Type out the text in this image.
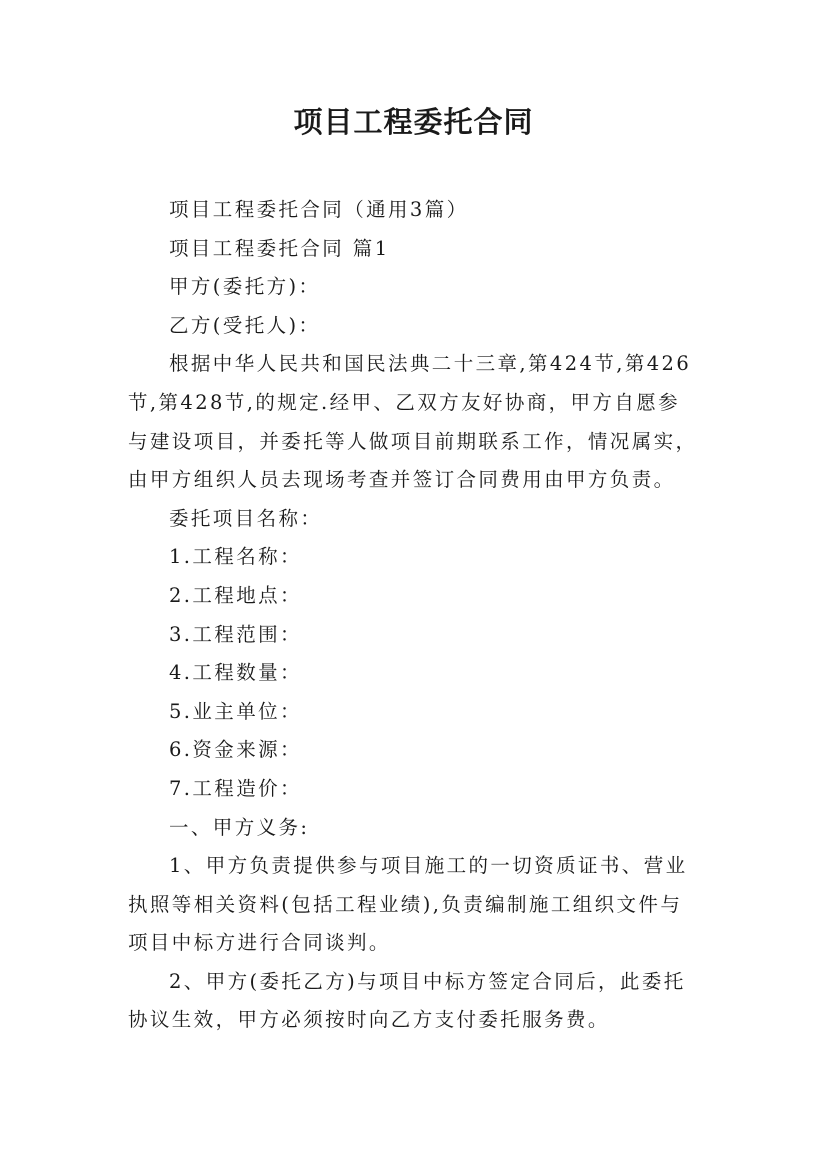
项目工程委托合同
项目工程委托合同（通用3篇）
项目工程委托合同 篇1
甲方(委托方)：
乙方(受托人)：
根据中华人民共和国民法典二十三章,第424节,第426
节,第428节,的规定.经甲、乙双方友好协商，甲方自愿参
与建设项目，并委托等人做项目前期联系工作，情况属实，
由甲方组织人员去现场考查并签订合同费用由甲方负责。
委托项目名称：
1.工程名称：
2.工程地点：
3.工程范围：
4.工程数量：
5.业主单位：
6.资金来源：
7.工程造价：
一、甲方义务:
1、甲方负责提供参与项目施工的一切资质证书、营业
执照等相关资料(包括工程业绩),负责编制施工组织文件与
项目中标方进行合同谈判。
2、甲方(委托乙方)与项目中标方签定合同后，此委托
协议生效，甲方必须按时向乙方支付委托服务费。
